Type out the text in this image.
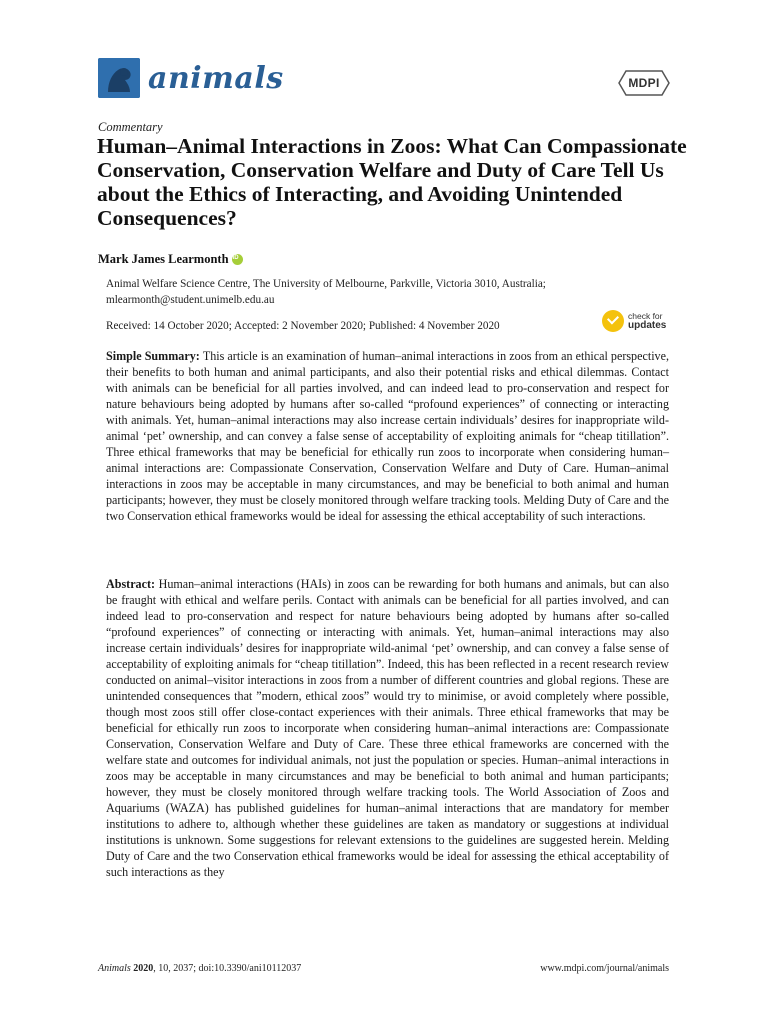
animals	MDPI
Commentary
Human–Animal Interactions in Zoos: What Can Compassionate Conservation, Conservation Welfare and Duty of Care Tell Us about the Ethics of Interacting, and Avoiding Unintended Consequences?
Mark James Learmonth
iD
Animal Welfare Science Centre, The University of Melbourne, Parkville, Victoria 3010, Australia;
mlearmonth@student.unimelb.edu.au
Received: 14 October 2020; Accepted: 2 November 2020; Published: 4 November 2020
check for
updates
Simple Summary: This article is an examination of human–animal interactions in zoos from an ethical perspective, their benefits to both human and animal participants, and also their potential risks and ethical dilemmas. Contact with animals can be beneficial for all parties involved, and can indeed lead to pro-conservation and respect for nature behaviours being adopted by humans after so-called “profound experiences” of connecting or interacting with animals. Yet, human–animal interactions may also increase certain individuals’ desires for inappropriate wild-animal ‘pet’ ownership, and can convey a false sense of acceptability of exploiting animals for “cheap titillation”. Three ethical frameworks that may be beneficial for ethically run zoos to incorporate when considering human–animal interactions are: Compassionate Conservation, Conservation Welfare and Duty of Care. Human–animal interactions in zoos may be acceptable in many circumstances, and may be beneficial to both animal and human participants; however, they must be closely monitored through welfare tracking tools. Melding Duty of Care and the two Conservation ethical frameworks would be ideal for assessing the ethical acceptability of such interactions.
Abstract: Human–animal interactions (HAIs) in zoos can be rewarding for both humans and animals, but can also be fraught with ethical and welfare perils. Contact with animals can be beneficial for all parties involved, and can indeed lead to pro-conservation and respect for nature behaviours being adopted by humans after so-called “profound experiences” of connecting or interacting with animals. Yet, human–animal interactions may also increase certain individuals’ desires for inappropriate wild-animal ‘pet’ ownership, and can convey a false sense of acceptability of exploiting animals for “cheap titillation”. Indeed, this has been reflected in a recent research review conducted on animal–visitor interactions in zoos from a number of different countries and global regions. These are unintended consequences that ”modern, ethical zoos” would try to minimise, or avoid completely where possible, though most zoos still offer close-contact experiences with their animals. Three ethical frameworks that may be beneficial for ethically run zoos to incorporate when considering human–animal interactions are: Compassionate Conservation, Conservation Welfare and Duty of Care. These three ethical frameworks are concerned with the welfare state and outcomes for individual animals, not just the population or species. Human–animal interactions in zoos may be acceptable in many circumstances and may be beneficial to both animal and human participants; however, they must be closely monitored through welfare tracking tools. The World Association of Zoos and Aquariums (WAZA) has published guidelines for human–animal interactions that are mandatory for member institutions to adhere to, although whether these guidelines are taken as mandatory or suggestions at individual institutions is unknown. Some suggestions for relevant extensions to the guidelines are suggested herein. Melding Duty of Care and the two Conservation ethical frameworks would be ideal for assessing the ethical acceptability of such interactions as they
Animals 2020, 10, 2037; doi:10.3390/ani10112037	www.mdpi.com/journal/animals
